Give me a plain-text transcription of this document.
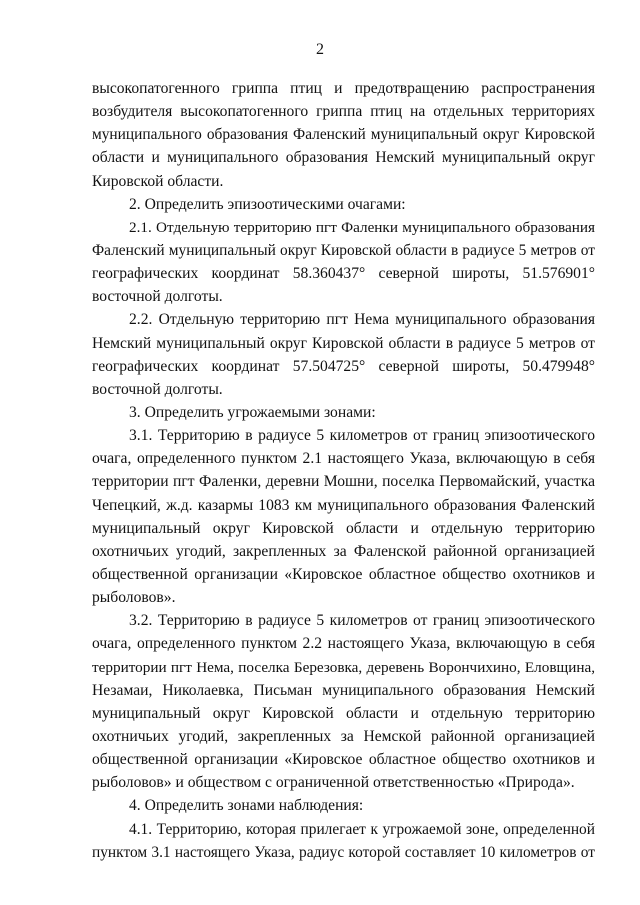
2
высокопатогенного гриппа птиц и предотвращению распространения
возбудителя высокопатогенного гриппа птиц на отдельных территориях
муниципального образования Фаленский муниципальный округ Кировской
области и муниципального образования Немский муниципальный округ
Кировской области.
2. Определить эпизоотическими очагами:
2.1. Отдельную территорию пгт Фаленки муниципального образования
Фаленский муниципальный округ Кировской области в радиусе 5 метров от
географических координат 58.360437° северной широты, 51.576901°
восточной долготы.
2.2. Отдельную территорию пгт Нема муниципального образования
Немский муниципальный округ Кировской области в радиусе 5 метров от
географических координат 57.504725° северной широты, 50.479948°
восточной долготы.
3. Определить угрожаемыми зонами:
3.1. Территорию в радиусе 5 километров от границ эпизоотического
очага, определенного пунктом 2.1 настоящего Указа, включающую в себя
территории пгт Фаленки, деревни Мошни, поселка Первомайский, участка
Чепецкий, ж.д. казармы 1083 км муниципального образования Фаленский
муниципальный округ Кировской области и отдельную территорию
охотничьих угодий, закрепленных за Фаленской районной организацией
общественной организации «Кировское областное общество охотников и
рыболовов».
3.2. Территорию в радиусе 5 километров от границ эпизоотического
очага, определенного пунктом 2.2 настоящего Указа, включающую в себя
территории пгт Нема, поселка Березовка, деревень Ворончихино, Еловщина,
Незамаи, Николаевка, Письман муниципального образования Немский
муниципальный округ Кировской области и отдельную территорию
охотничьих угодий, закрепленных за Немской районной организацией
общественной организации «Кировское областное общество охотников и
рыболовов» и обществом с ограниченной ответственностью «Природа».
4. Определить зонами наблюдения:
4.1. Территорию, которая прилегает к угрожаемой зоне, определенной
пунктом 3.1 настоящего Указа, радиус которой составляет 10 километров от
